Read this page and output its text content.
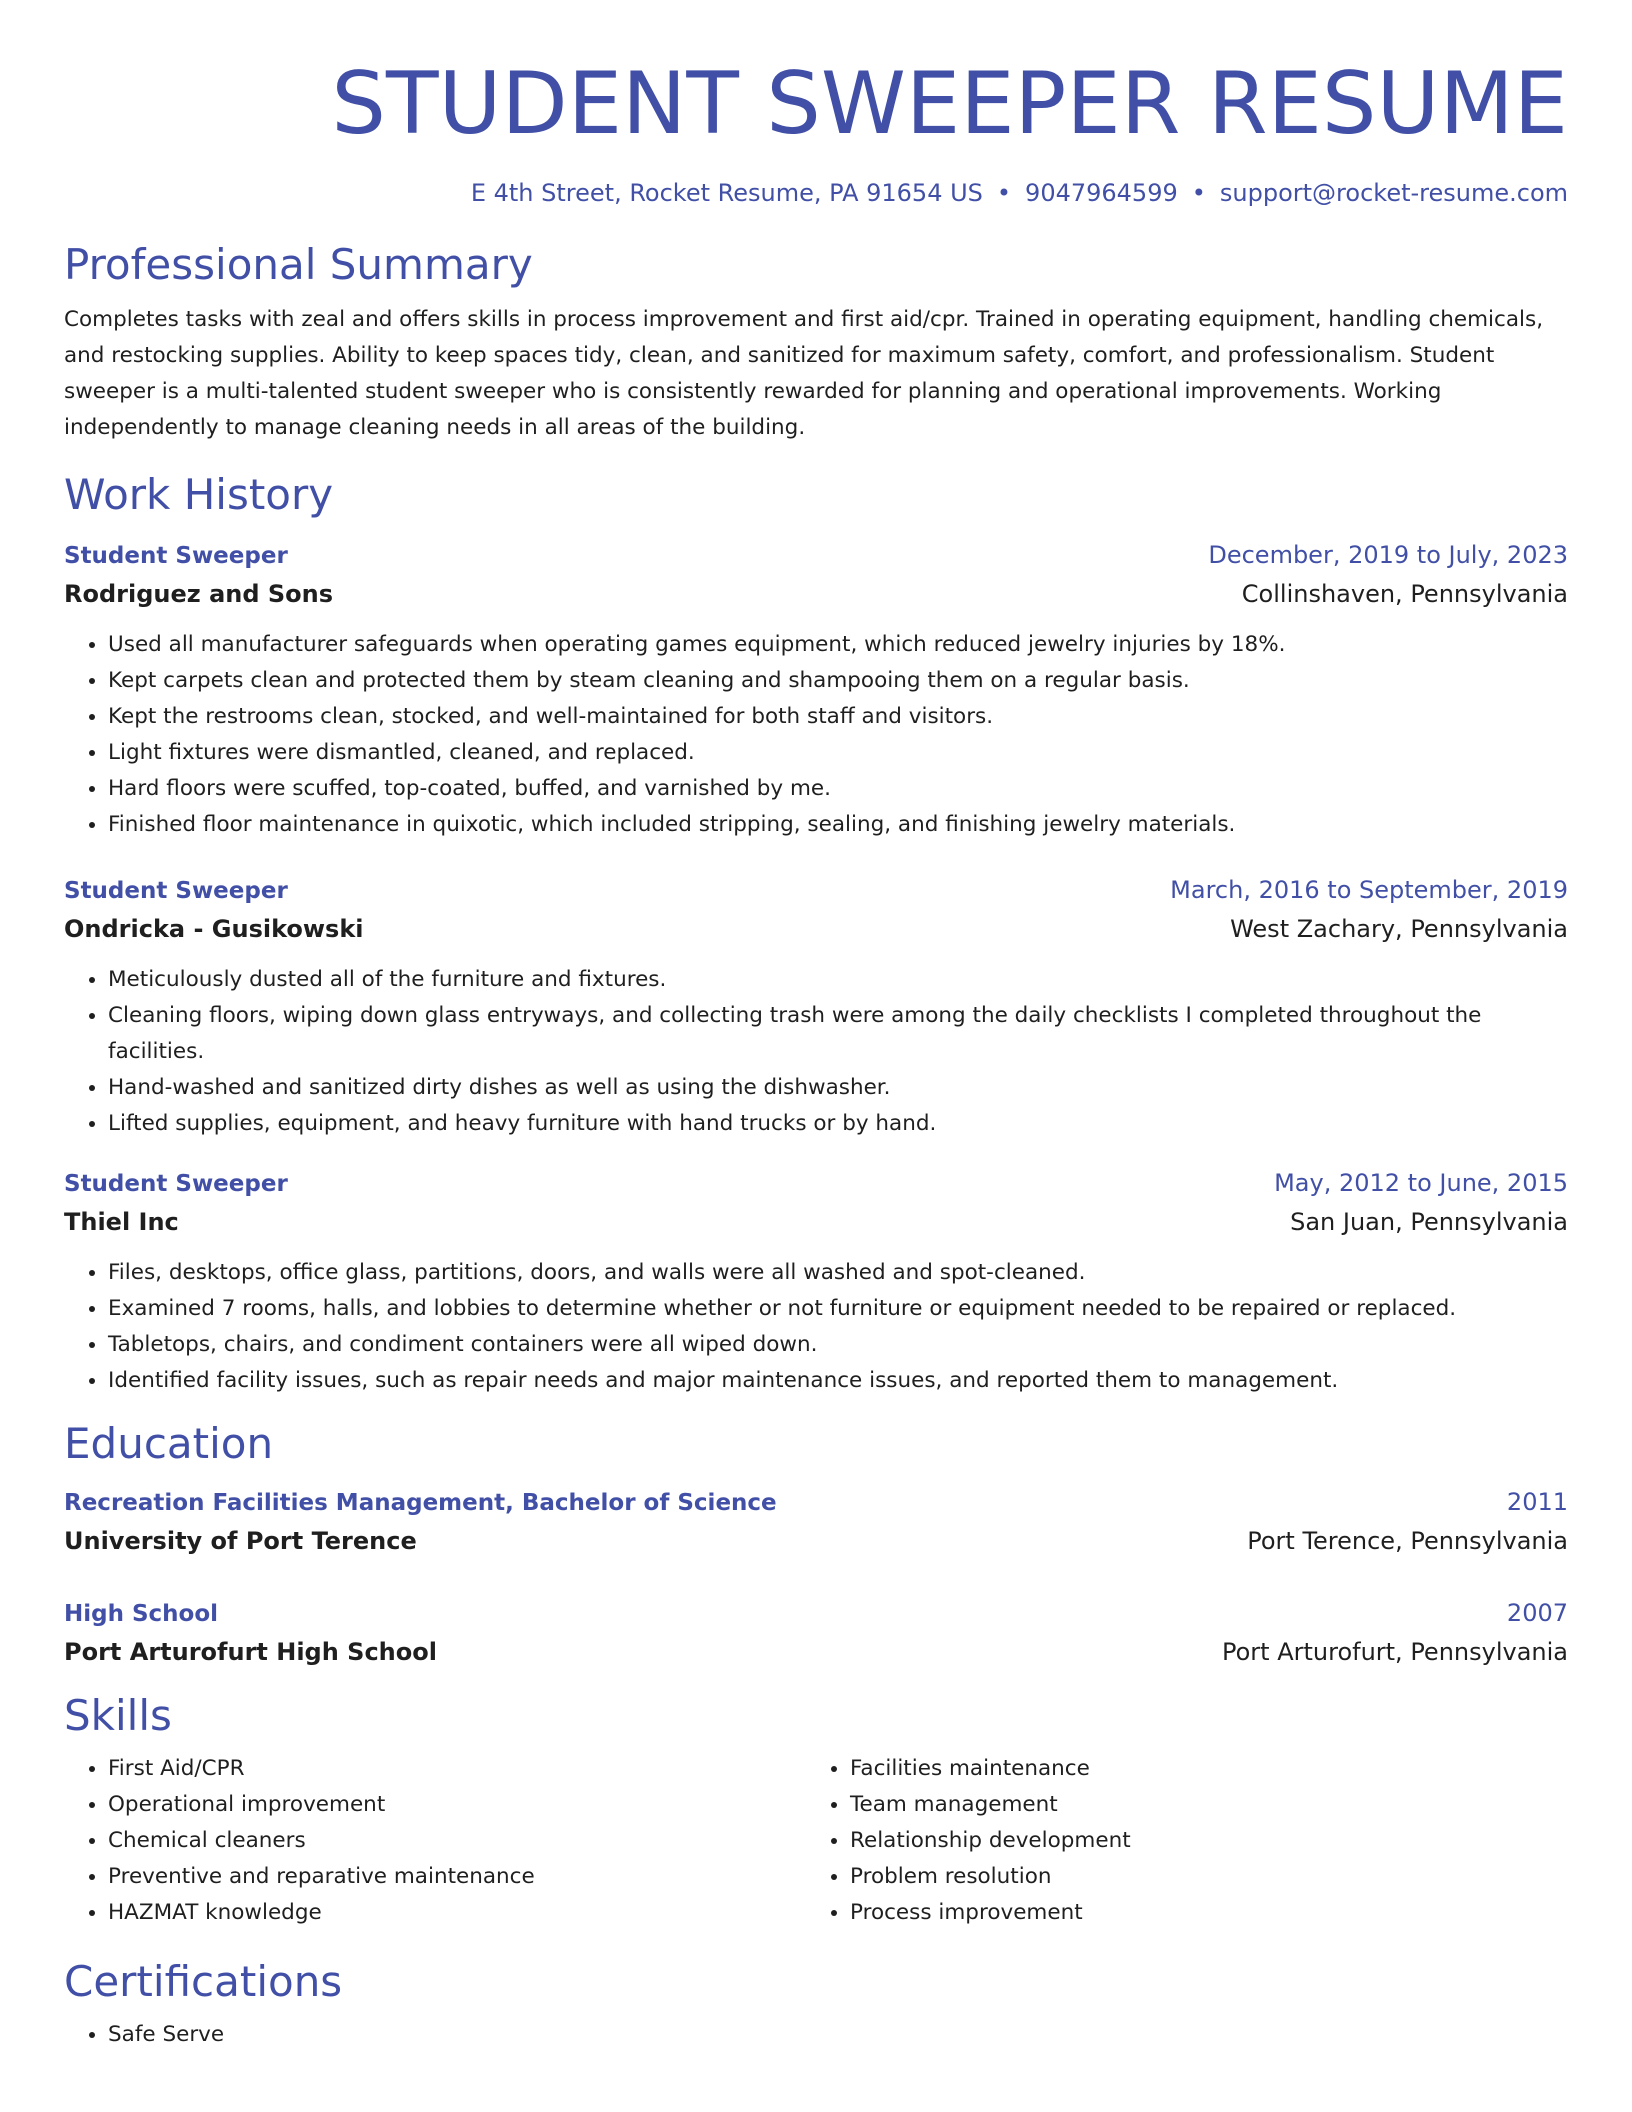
STUDENT SWEEPER RESUME
E 4th Street, Rocket Resume, PA 91654 US • 9047964599 • support@rocket-resume.com
Professional Summary
Completes tasks with zeal and offers skills in process improvement and first aid/cpr. Trained in operating equipment, handling chemicals, and restocking supplies. Ability to keep spaces tidy, clean, and sanitized for maximum safety, comfort, and professionalism. Student sweeper is a multi-talented student sweeper who is consistently rewarded for planning and operational improvements. Working independently to manage cleaning needs in all areas of the building.
Work History
Student Sweeper	December, 2019 to July, 2023
Rodriguez and Sons	Collinshaven, Pennsylvania
• Used all manufacturer safeguards when operating games equipment, which reduced jewelry injuries by 18%.
• Kept carpets clean and protected them by steam cleaning and shampooing them on a regular basis.
• Kept the restrooms clean, stocked, and well-maintained for both staff and visitors.
• Light fixtures were dismantled, cleaned, and replaced.
• Hard floors were scuffed, top-coated, buffed, and varnished by me.
• Finished floor maintenance in quixotic, which included stripping, sealing, and finishing jewelry materials.
Student Sweeper	March, 2016 to September, 2019
Ondricka - Gusikowski	West Zachary, Pennsylvania
• Meticulously dusted all of the furniture and fixtures.
• Cleaning floors, wiping down glass entryways, and collecting trash were among the daily checklists I completed throughout the facilities.
• Hand-washed and sanitized dirty dishes as well as using the dishwasher.
• Lifted supplies, equipment, and heavy furniture with hand trucks or by hand.
Student Sweeper	May, 2012 to June, 2015
Thiel Inc	San Juan, Pennsylvania
• Files, desktops, office glass, partitions, doors, and walls were all washed and spot-cleaned.
• Examined 7 rooms, halls, and lobbies to determine whether or not furniture or equipment needed to be repaired or replaced.
• Tabletops, chairs, and condiment containers were all wiped down.
• Identified facility issues, such as repair needs and major maintenance issues, and reported them to management.
Education
Recreation Facilities Management, Bachelor of Science	2011
University of Port Terence	Port Terence, Pennsylvania
High School	2007
Port Arturofurt High School	Port Arturofurt, Pennsylvania
Skills
• First Aid/CPR
• Operational improvement
• Chemical cleaners
• Preventive and reparative maintenance
• HAZMAT knowledge
• Facilities maintenance
• Team management
• Relationship development
• Problem resolution
• Process improvement
Certifications
• Safe Serve
